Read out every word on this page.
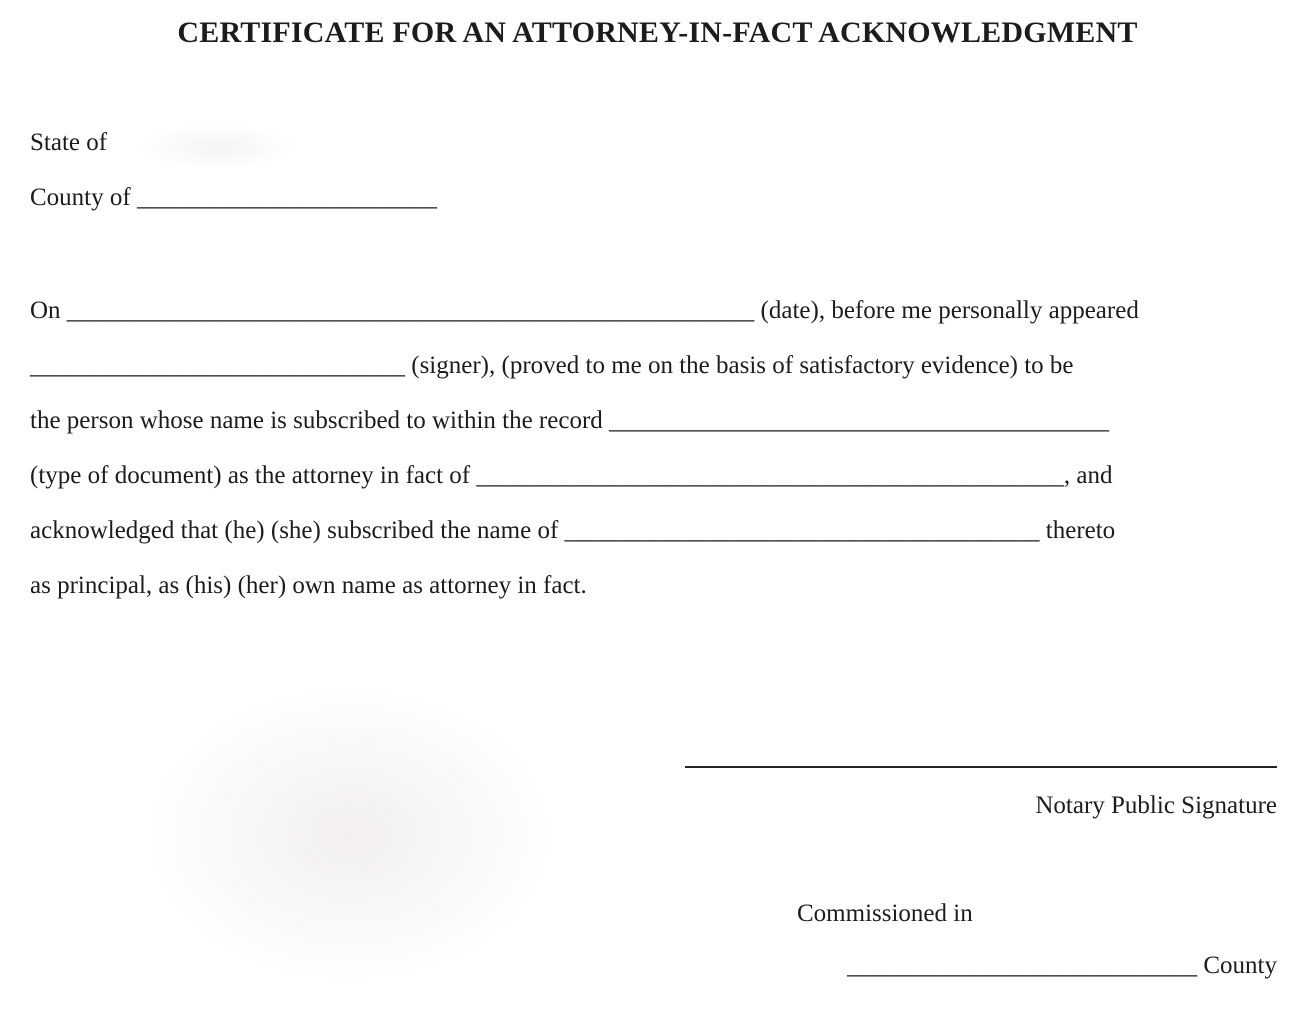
CERTIFICATE FOR AN ATTORNEY-IN-FACT ACKNOWLEDGMENT
State of
County of ________________________
On _______________________________________________________ (date), before me personally appeared
______________________________ (signer), (proved to me on the basis of satisfactory evidence) to be
the person whose name is subscribed to within the record ________________________________________
(type of document) as the attorney in fact of _______________________________________________, and
acknowledged that (he) (she) subscribed the name of ______________________________________ thereto
as principal, as (his) (her) own name as attorney in fact.
Notary Public Signature
Commissioned in
____________________________ County
